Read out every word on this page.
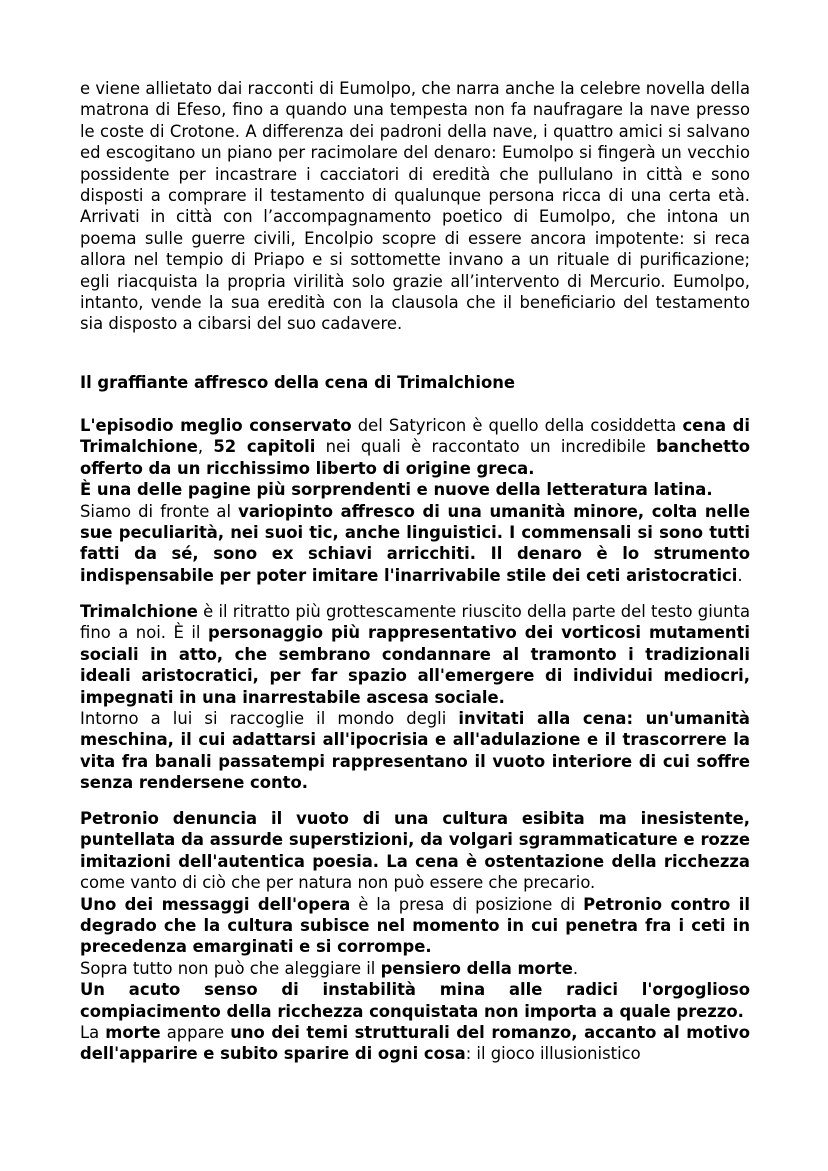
e viene allietato dai racconti di Eumolpo, che narra anche la celebre novella della matrona di Efeso, fino a quando una tempesta non fa naufragare la nave presso le coste di Crotone. A differenza dei padroni della nave, i quattro amici si salvano ed escogitano un piano per racimolare del denaro: Eumolpo si fingerà un vecchio possidente per incastrare i cacciatori di eredità che pullulano in città e sono disposti a comprare il testamento di qualunque persona ricca di una certa età. Arrivati in città con l’accompagnamento poetico di Eumolpo, che intona un poema sulle guerre civili, Encolpio scopre di essere ancora impotente: si reca allora nel tempio di Priapo e si sottomette invano a un rituale di purificazione; egli riacquista la propria virilità solo grazie all’intervento di Mercurio. Eumolpo, intanto, vende la sua eredità con la clausola che il beneficiario del testamento sia disposto a cibarsi del suo cadavere.

Il graffiante affresco della cena di Trimalchione

L'episodio meglio conservato del Satyricon è quello della cosiddetta cena di Trimalchione, 52 capitoli nei quali è raccontato un incredibile banchetto offerto da un ricchissimo liberto di origine greca.

È una delle pagine più sorprendenti e nuove della letteratura latina.

Siamo di fronte al variopinto affresco di una umanità minore, colta nelle sue peculiarità, nei suoi tic, anche linguistici. I commensali si sono tutti fatti da sé, sono ex schiavi arricchiti. Il denaro è lo strumento indispensabile per poter imitare l'inarrivabile stile dei ceti aristocratici.

Trimalchione è il ritratto più grottescamente riuscito della parte del testo giunta fino a noi. È il personaggio più rappresentativo dei vorticosi mutamenti sociali in atto, che sembrano condannare al tramonto i tradizionali ideali aristocratici, per far spazio all'emergere di individui mediocri, impegnati in una inarrestabile ascesa sociale.

Intorno a lui si raccoglie il mondo degli invitati alla cena: un'umanità meschina, il cui adattarsi all'ipocrisia e all'adulazione e il trascorrere la vita fra banali passatempi rappresentano il vuoto interiore di cui soffre senza rendersene conto.

Petronio denuncia il vuoto di una cultura esibita ma inesistente, puntellata da assurde superstizioni, da volgari sgrammaticature e rozze imitazioni dell'autentica poesia. La cena è ostentazione della ricchezza come vanto di ciò che per natura non può essere che precario.

Uno dei messaggi dell'opera è la presa di posizione di Petronio contro il degrado che la cultura subisce nel momento in cui penetra fra i ceti in precedenza emarginati e si corrompe.

Sopra tutto non può che aleggiare il pensiero della morte.

Un acuto senso di instabilità mina alle radici l'orgoglioso compiacimento della ricchezza conquistata non importa a quale prezzo.

La morte appare uno dei temi strutturali del romanzo, accanto al motivo dell'apparire e subito sparire di ogni cosa: il gioco illusionistico
